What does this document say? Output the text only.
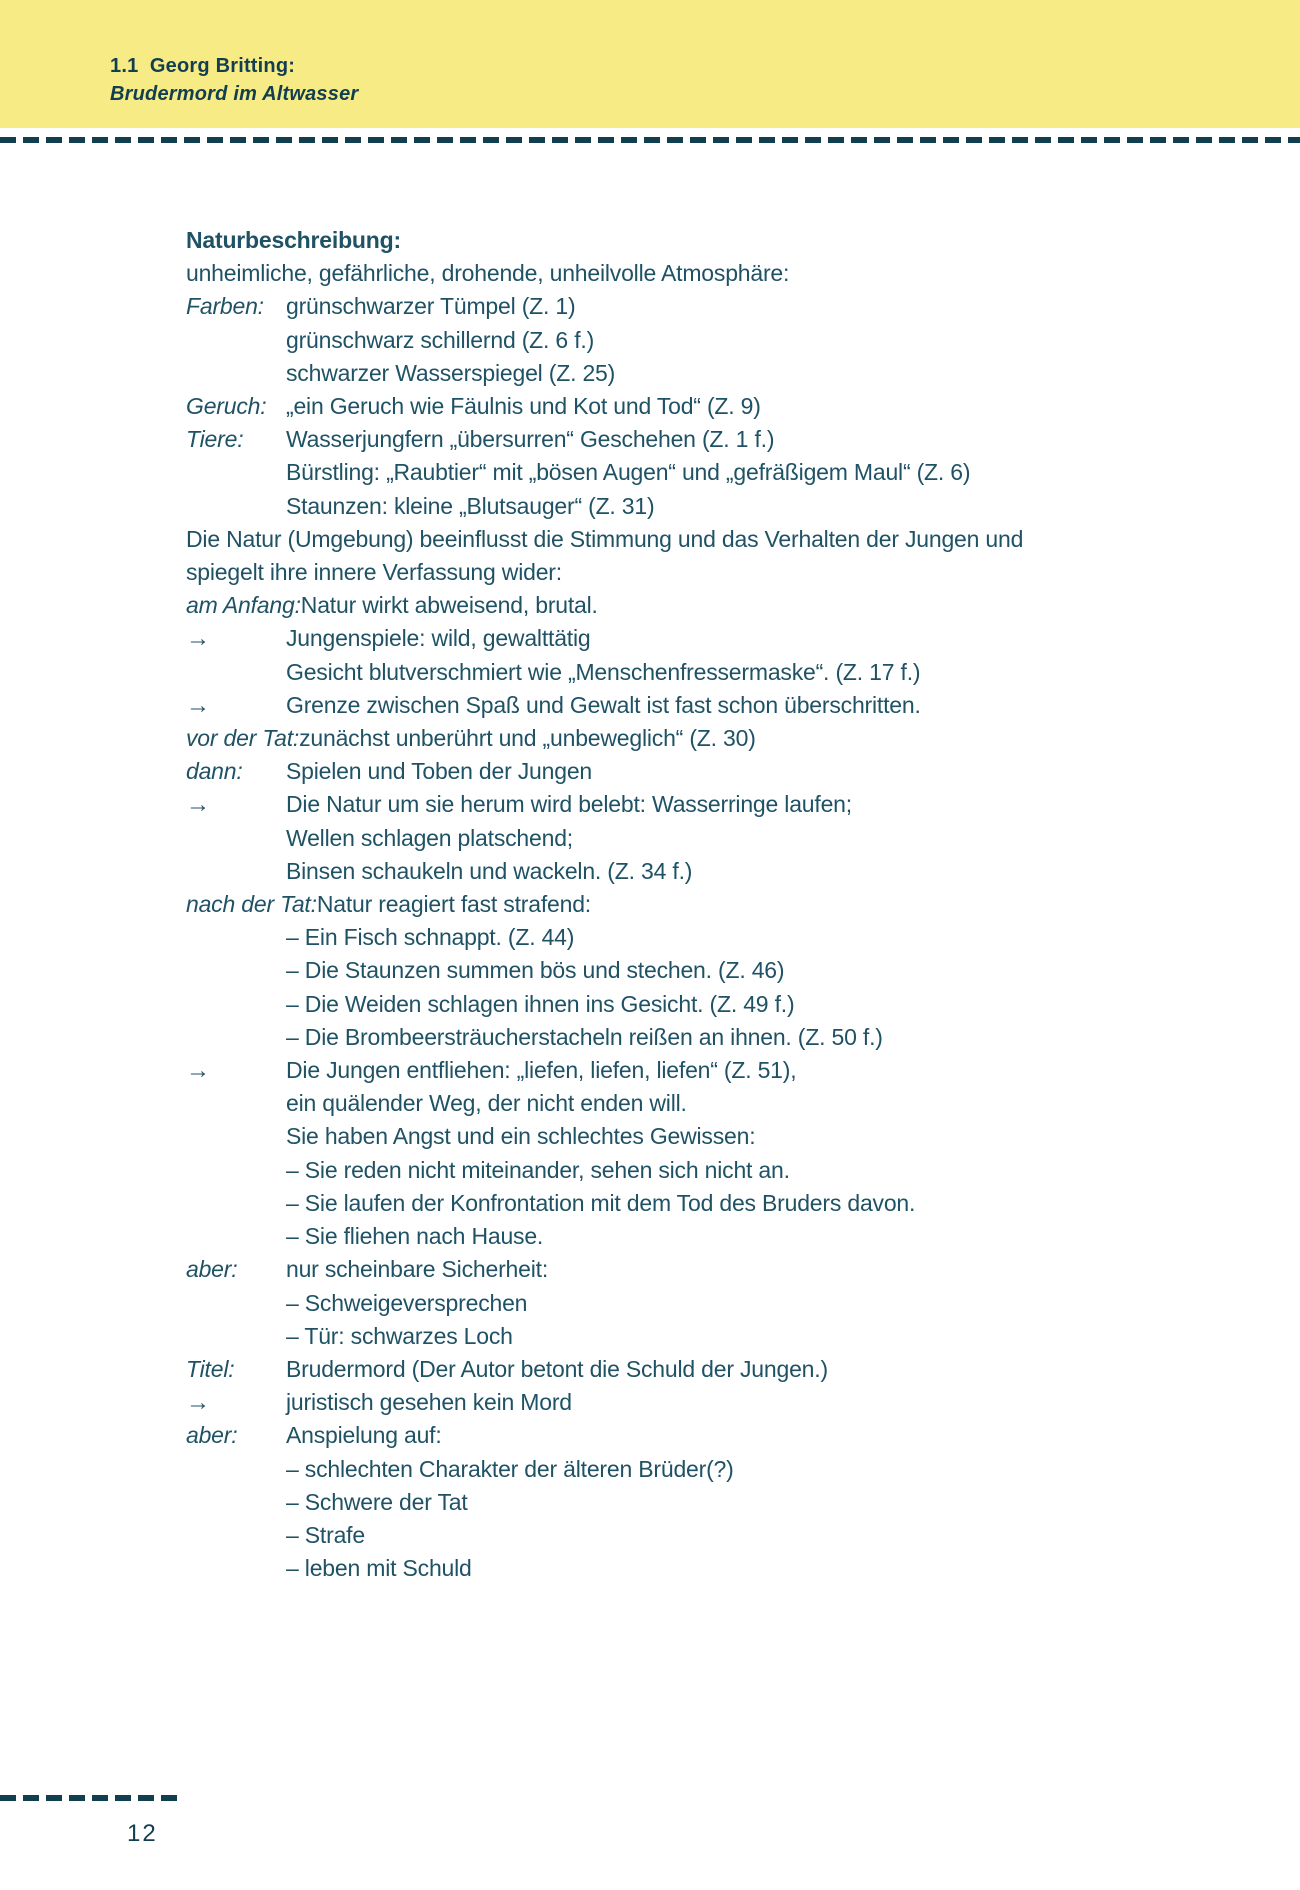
1.1  Georg Britting:
Brudermord im Altwasser
Naturbeschreibung:
unheimliche, gefährliche, drohende, unheilvolle Atmosphäre:
Farben: grünschwarzer Tümpel (Z. 1)
grünschwarz schillernd (Z. 6 f.)
schwarzer Wasserspiegel (Z. 25)
Geruch: „ein Geruch wie Fäulnis und Kot und Tod“ (Z. 9)
Tiere:	Wasserjungfern „übersurren“ Geschehen (Z. 1 f.)
Bürstling: „Raubtier“ mit „bösen Augen“ und „gefräßigem Maul“ (Z. 6)
Staunzen: kleine „Blutsauger“ (Z. 31)
Die Natur (Umgebung) beeinflusst die Stimmung und das Verhalten der Jungen und
spiegelt ihre innere Verfassung wider:
am Anfang: Natur wirkt abweisend, brutal.
→	Jungenspiele: wild, gewalttätig
Gesicht blutverschmiert wie „Menschenfressermaske“. (Z. 17 f.)
→	Grenze zwischen Spaß und Gewalt ist fast schon überschritten.
vor der Tat: zunächst unberührt und „unbeweglich“ (Z. 30)
dann:	Spielen und Toben der Jungen
→	Die Natur um sie herum wird belebt: Wasserringe laufen;
Wellen schlagen platschend;
Binsen schaukeln und wackeln. (Z. 34 f.)
nach der Tat: Natur reagiert fast strafend:
– Ein Fisch schnappt. (Z. 44)
– Die Staunzen summen bös und stechen. (Z. 46)
– Die Weiden schlagen ihnen ins Gesicht. (Z. 49 f.)
– Die Brombeersträucherstacheln reißen an ihnen. (Z. 50 f.)
→	Die Jungen entfliehen: „liefen, liefen, liefen“ (Z. 51),
ein quälender Weg, der nicht enden will.
Sie haben Angst und ein schlechtes Gewissen:
– Sie reden nicht miteinander, sehen sich nicht an.
– Sie laufen der Konfrontation mit dem Tod des Bruders davon.
– Sie fliehen nach Hause.
aber:	nur scheinbare Sicherheit:
– Schweigeversprechen
– Tür: schwarzes Loch
Titel:	Brudermord (Der Autor betont die Schuld der Jungen.)
→	juristisch gesehen kein Mord
aber:	Anspielung auf:
– schlechten Charakter der älteren Brüder(?)
– Schwere der Tat
– Strafe
– leben mit Schuld
12
